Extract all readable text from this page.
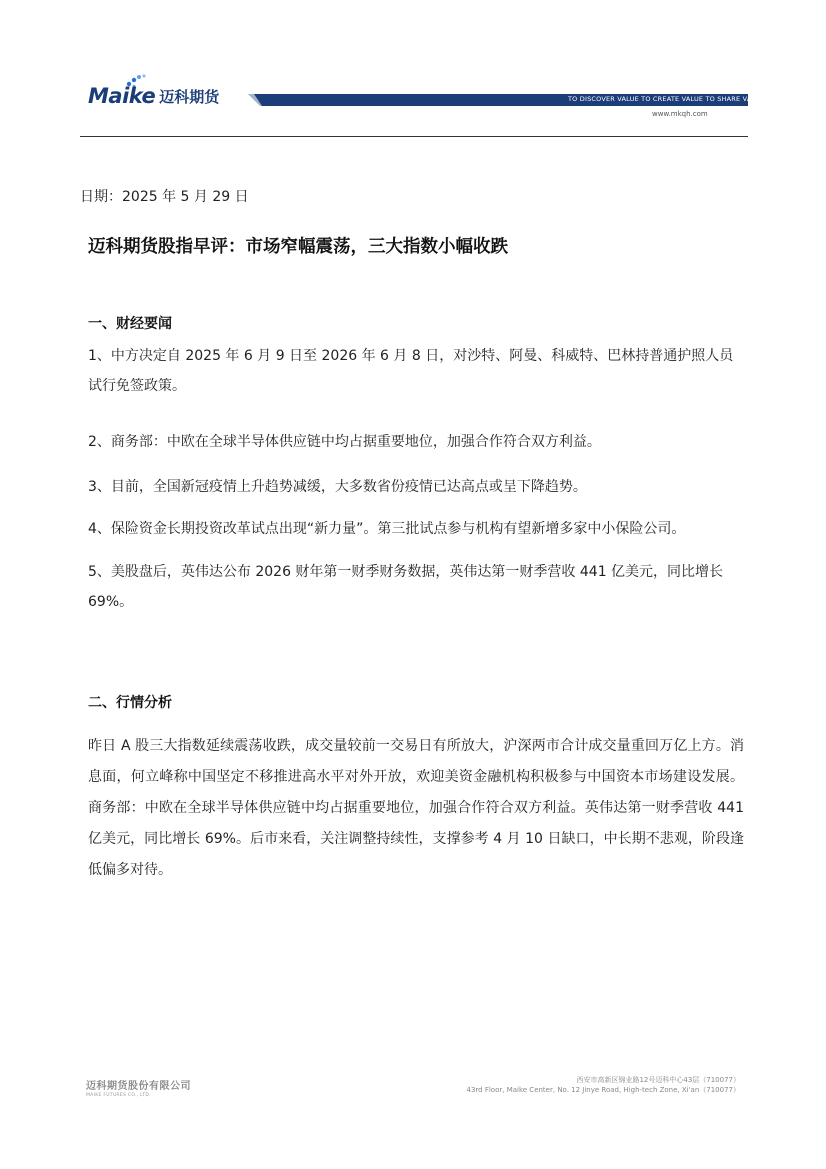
Maike 迈科期货	TO DISCOVER VALUE TO CREATE VALUE TO SHARE VALUE
www.mkqh.com
日期：2025 年 5 月 29 日
迈科期货股指早评：市场窄幅震荡，三大指数小幅收跌
一、财经要闻
1、中方决定自 2025 年 6 月 9 日至 2026 年 6 月 8 日，对沙特、阿曼、科威特、巴林持普通护照人员试行免签政策。
2、商务部：中欧在全球半导体供应链中均占据重要地位，加强合作符合双方利益。
3、目前，全国新冠疫情上升趋势减缓，大多数省份疫情已达高点或呈下降趋势。
4、保险资金长期投资改革试点出现“新力量”。第三批试点参与机构有望新增多家中小保险公司。
5、美股盘后，英伟达公布 2026 财年第一财季财务数据，英伟达第一财季营收 441 亿美元，同比增长 69%。
二、行情分析
昨日 A 股三大指数延续震荡收跌，成交量较前一交易日有所放大，沪深两市合计成交量重回万亿上方。消息面，何立峰称中国坚定不移推进高水平对外开放，欢迎美资金融机构积极参与中国资本市场建设发展。商务部：中欧在全球半导体供应链中均占据重要地位，加强合作符合双方利益。英伟达第一财季营收 441 亿美元，同比增长 69%。后市来看，关注调整持续性，支撑参考 4 月 10 日缺口，中长期不悲观，阶段逢低偏多对待。
迈科期货股份有限公司
MAIKE FUTURES CO., LTD.
西安市高新区锦业路12号迈科中心43层（710077）
43rd Floor, Maike Center, No. 12 Jinye Road, High-tech Zone, Xi'an（710077）
